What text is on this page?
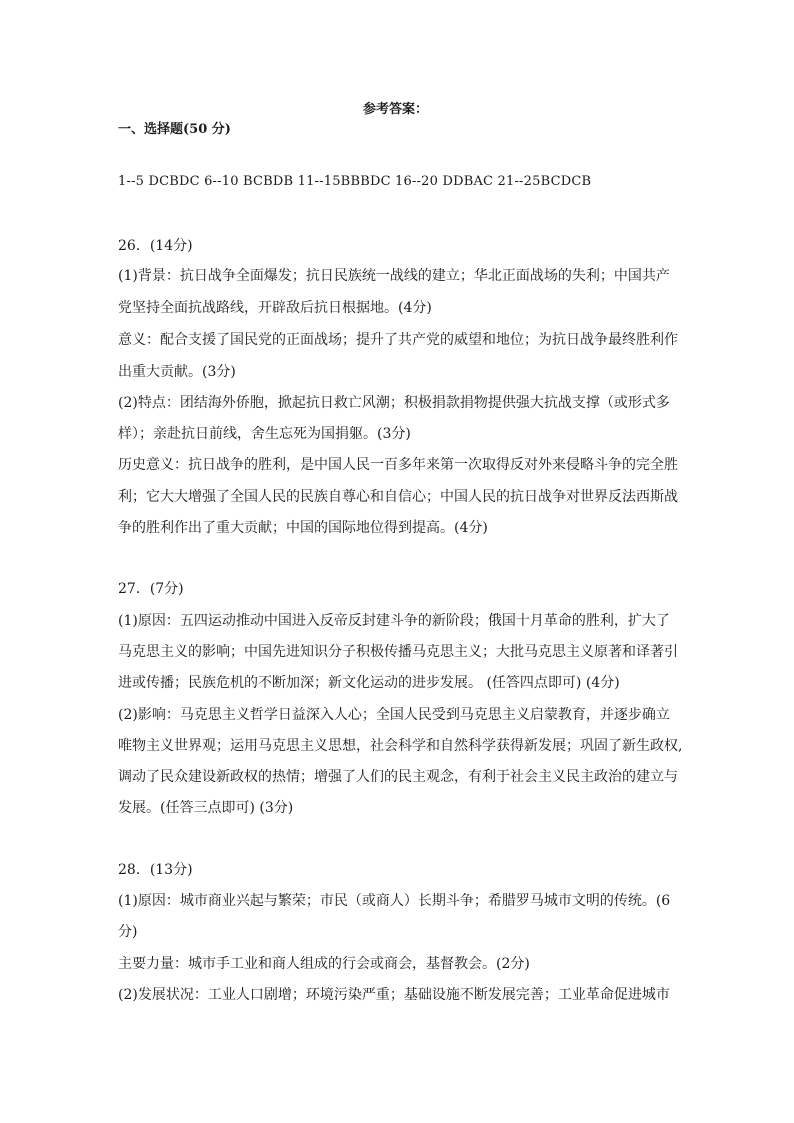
参考答案：
一、选择题(50 分)
1--5 DCBDC 6--10 BCBDB 11--15BBBDC 16--20 DDBAC 21--25BCDCB
26．(14分)
(1)背景：抗日战争全面爆发；抗日民族统一战线的建立；华北正面战场的失利；中国共产
党坚持全面抗战路线，开辟敌后抗日根据地。(4分)
意义：配合支援了国民党的正面战场；提升了共产党的威望和地位；为抗日战争最终胜利作
出重大贡献。(3分)
(2)特点：团结海外侨胞，掀起抗日救亡风潮；积极捐款捐物提供强大抗战支撑（或形式多
样）；亲赴抗日前线，舍生忘死为国捐躯。(3分)
历史意义：抗日战争的胜利，是中国人民一百多年来第一次取得反对外来侵略斗争的完全胜
利；它大大增强了全国人民的民族自尊心和自信心；中国人民的抗日战争对世界反法西斯战
争的胜利作出了重大贡献；中国的国际地位得到提高。(4分)
27．(7分)
(1)原因：五四运动推动中国进入反帝反封建斗争的新阶段；俄国十月革命的胜利，扩大了
马克思主义的影响；中国先进知识分子积极传播马克思主义；大批马克思主义原著和译著引
进或传播；民族危机的不断加深；新文化运动的进步发展。 (任答四点即可) (4分)
(2)影响：马克思主义哲学日益深入人心；全国人民受到马克思主义启蒙教育，并逐步确立
唯物主义世界观；运用马克思主义思想，社会科学和自然科学获得新发展；巩固了新生政权,
调动了民众建设新政权的热情；增强了人们的民主观念，有利于社会主义民主政治的建立与
发展。(任答三点即可) (3分)
28．(13分)
(1)原因：城市商业兴起与繁荣；市民（或商人）长期斗争；希腊罗马城市文明的传统。(6
分)
主要力量：城市手工业和商人组成的行会或商会，基督教会。(2分)
(2)发展状况：工业人口剧增；环境污染严重；基础设施不断发展完善；工业革命促进城市
